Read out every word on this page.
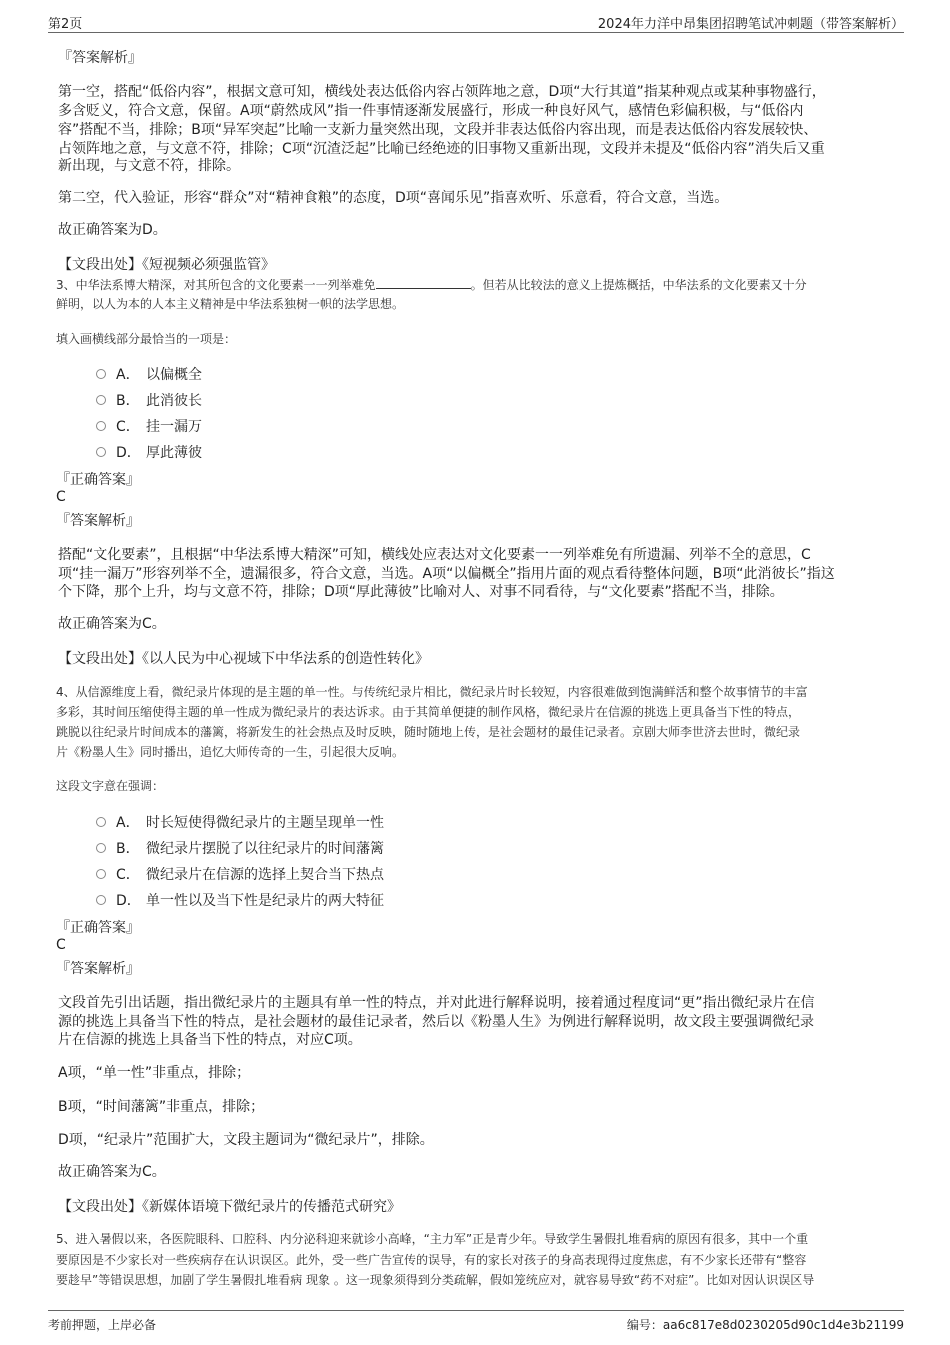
第2页	2024年力洋中昂集团招聘笔试冲刺题（带答案解析）
『答案解析』
第一空，搭配“低俗内容”，根据文意可知，横线处表达低俗内容占领阵地之意，D项“大行其道”指某种观点或某种事物盛行，
多含贬义，符合文意，保留。A项“蔚然成风”指一件事情逐渐发展盛行，形成一种良好风气，感情色彩偏积极，与“低俗内
容”搭配不当，排除；B项“异军突起”比喻一支新力量突然出现，文段并非表达低俗内容出现，而是表达低俗内容发展较快、
占领阵地之意，与文意不符，排除；C项“沉渣泛起”比喻已经绝迹的旧事物又重新出现，文段并未提及“低俗内容”消失后又重
新出现，与文意不符，排除。
第二空，代入验证，形容“群众”对“精神食粮”的态度，D项“喜闻乐见”指喜欢听、乐意看，符合文意，当选。
故正确答案为D。
【文段出处】《短视频必须强监管》
3、中华法系博大精深，对其所包含的文化要素一一列举难免	。但若从比较法的意义上提炼概括，中华法系的文化要素又十分
鲜明，以人为本的人本主义精神是中华法系独树一帜的法学思想。
填入画横线部分最恰当的一项是：
A． 以偏概全
B． 此消彼长
C． 挂一漏万
D． 厚此薄彼
『正确答案』
C
『答案解析』
搭配“文化要素”，且根据“中华法系博大精深”可知，横线处应表达对文化要素一一列举难免有所遗漏、列举不全的意思，C
项“挂一漏万”形容列举不全，遗漏很多，符合文意，当选。A项“以偏概全”指用片面的观点看待整体问题，B项“此消彼长”指这
个下降，那个上升，均与文意不符，排除；D项“厚此薄彼”比喻对人、对事不同看待，与“文化要素”搭配不当，排除。
故正确答案为C。
【文段出处】《以人民为中心视域下中华法系的创造性转化》
4、从信源维度上看，微纪录片体现的是主题的单一性。与传统纪录片相比，微纪录片时长较短，内容很难做到饱满鲜活和整个故事情节的丰富
多彩，其时间压缩使得主题的单一性成为微纪录片的表达诉求。由于其简单便捷的制作风格，微纪录片在信源的挑选上更具备当下性的特点，
跳脱以往纪录片时间成本的藩篱，将新发生的社会热点及时反映，随时随地上传，是社会题材的最佳记录者。京剧大师李世济去世时，微纪录
片《粉墨人生》同时播出，追忆大师传奇的一生，引起很大反响。
这段文字意在强调：
A． 时长短使得微纪录片的主题呈现单一性
B． 微纪录片摆脱了以往纪录片的时间藩篱
C． 微纪录片在信源的选择上契合当下热点
D． 单一性以及当下性是纪录片的两大特征
『正确答案』
C
『答案解析』
文段首先引出话题，指出微纪录片的主题具有单一性的特点，并对此进行解释说明，接着通过程度词“更”指出微纪录片在信
源的挑选上具备当下性的特点，是社会题材的最佳记录者，然后以《粉墨人生》为例进行解释说明，故文段主要强调微纪录
片在信源的挑选上具备当下性的特点，对应C项。
A项，“单一性”非重点，排除；
B项，“时间藩篱”非重点，排除；
D项，“纪录片”范围扩大，文段主题词为“微纪录片”，排除。
故正确答案为C。
【文段出处】《新媒体语境下微纪录片的传播范式研究》
5、进入暑假以来，各医院眼科、口腔科、内分泌科迎来就诊小高峰，“主力军”正是青少年。导致学生暑假扎堆看病的原因有很多，其中一个重
要原因是不少家长对一些疾病存在认识误区。此外，受一些广告宣传的误导，有的家长对孩子的身高表现得过度焦虑，有不少家长还带有“整容
要趁早”等错误思想，加剧了学生暑假扎堆看病 现象 。这一现象须得到分类疏解，假如笼统应对，就容易导致“药不对症”。比如对因认识误区导
考前押题，上岸必备	编号：aa6c817e8d0230205d90c1d4e3b21199
